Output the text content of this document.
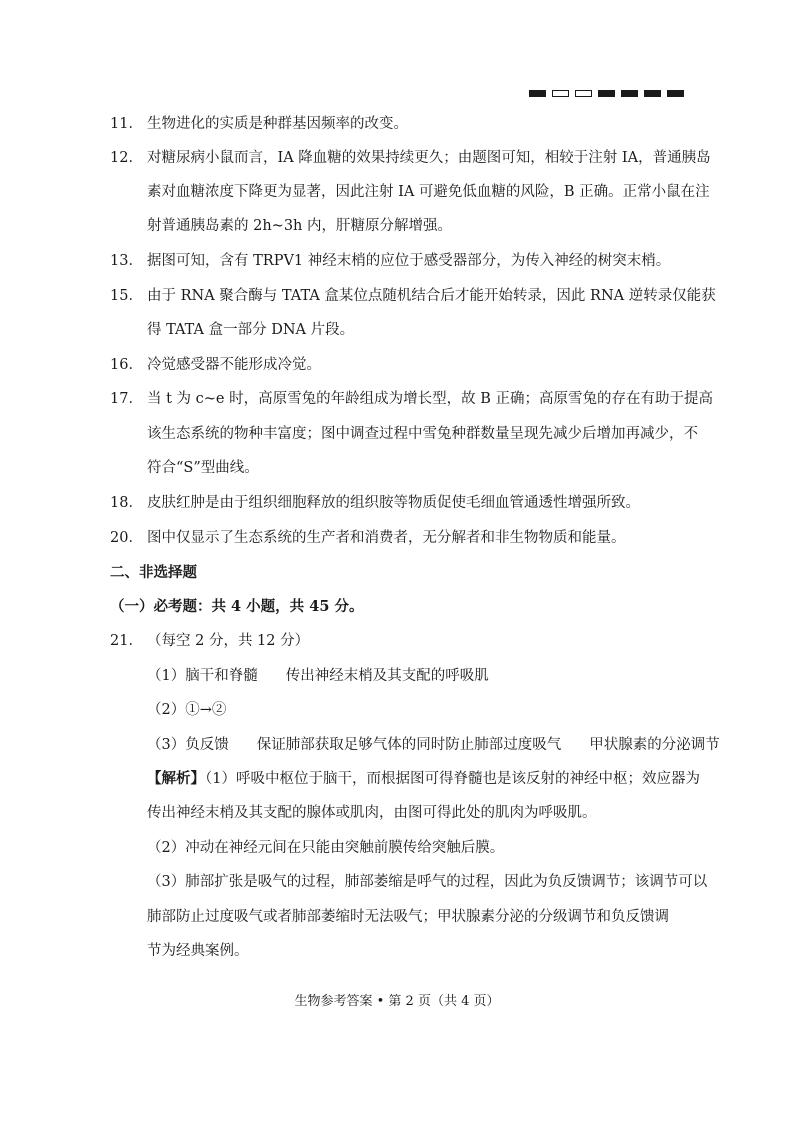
11． 生物进化的实质是种群基因频率的改变。
12． 对糖尿病小鼠而言，IA 降血糖的效果持续更久；由题图可知，相较于注射 IA，普通胰岛
素对血糖浓度下降更为显著，因此注射 IA 可避免低血糖的风险，B 正确。正常小鼠在注
射普通胰岛素的 2h~3h 内，肝糖原分解增强。
13． 据图可知，含有 TRPV1 神经末梢的应位于感受器部分，为传入神经的树突末梢。
15． 由于 RNA 聚合酶与 TATA 盒某位点随机结合后才能开始转录，因此 RNA 逆转录仅能获
得 TATA 盒一部分 DNA 片段。
16． 冷觉感受器不能形成冷觉。
17． 当 t 为 c~e 时，高原雪兔的年龄组成为增长型，故 B 正确；高原雪兔的存在有助于提高
该生态系统的物种丰富度；图中调查过程中雪兔种群数量呈现先减少后增加再减少，不
符合“S”型曲线。
18． 皮肤红肿是由于组织细胞释放的组织胺等物质促使毛细血管通透性增强所致。
20． 图中仅显示了生态系统的生产者和消费者，无分解者和非生物物质和能量。
二、非选择题
（一）必考题：共 4 小题，共 45 分。
21． （每空 2 分，共 12 分）
（1）脑干和脊髓 传出神经末梢及其支配的呼吸肌
（2）①→②
（3）负反馈 保证肺部获取足够气体的同时防止肺部过度吸气 甲状腺素的分泌调节
【解析】（1）呼吸中枢位于脑干，而根据图可得脊髓也是该反射的神经中枢；效应器为
传出神经末梢及其支配的腺体或肌肉，由图可得此处的肌肉为呼吸肌。
（2）冲动在神经元间在只能由突触前膜传给突触后膜。
（3）肺部扩张是吸气的过程，肺部萎缩是呼气的过程，因此为负反馈调节；该调节可以
肺部防止过度吸气或者肺部萎缩时无法吸气；甲状腺素分泌的分级调节和负反馈调
节为经典案例。
生物参考答案 • 第 2 页（共 4 页）
